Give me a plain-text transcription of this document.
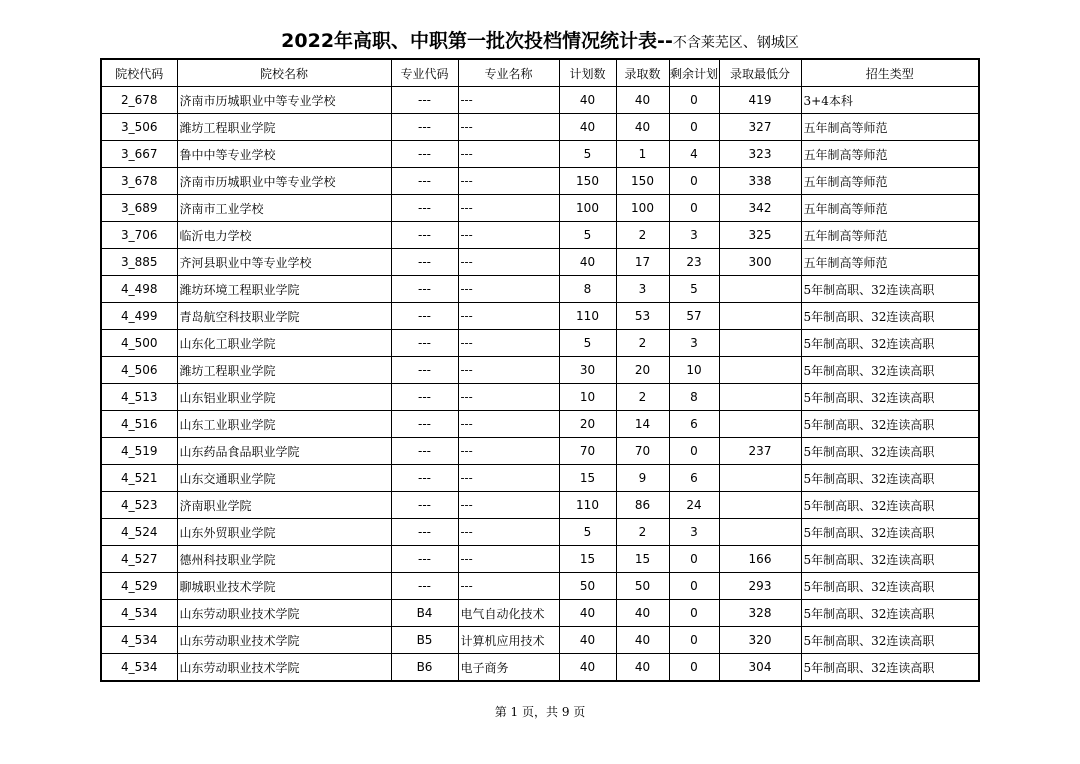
2022年高职、中职第一批次投档情况统计表--不含莱芜区、钢城区
院校代码	院校名称	专业代码	专业名称	计划数	录取数	剩余计划	录取最低分	招生类型
2_678	济南市历城职业中等专业学校	---	---	40	40	0	419	3+4本科
3_506	潍坊工程职业学院	---	---	40	40	0	327	五年制高等师范
3_667	鲁中中等专业学校	---	---	5	1	4	323	五年制高等师范
3_678	济南市历城职业中等专业学校	---	---	150	150	0	338	五年制高等师范
3_689	济南市工业学校	---	---	100	100	0	342	五年制高等师范
3_706	临沂电力学校	---	---	5	2	3	325	五年制高等师范
3_885	齐河县职业中等专业学校	---	---	40	17	23	300	五年制高等师范
4_498	潍坊环境工程职业学院	---	---	8	3	5		5年制高职、32连读高职
4_499	青岛航空科技职业学院	---	---	110	53	57		5年制高职、32连读高职
4_500	山东化工职业学院	---	---	5	2	3		5年制高职、32连读高职
4_506	潍坊工程职业学院	---	---	30	20	10		5年制高职、32连读高职
4_513	山东铝业职业学院	---	---	10	2	8		5年制高职、32连读高职
4_516	山东工业职业学院	---	---	20	14	6		5年制高职、32连读高职
4_519	山东药品食品职业学院	---	---	70	70	0	237	5年制高职、32连读高职
4_521	山东交通职业学院	---	---	15	9	6		5年制高职、32连读高职
4_523	济南职业学院	---	---	110	86	24		5年制高职、32连读高职
4_524	山东外贸职业学院	---	---	5	2	3		5年制高职、32连读高职
4_527	德州科技职业学院	---	---	15	15	0	166	5年制高职、32连读高职
4_529	聊城职业技术学院	---	---	50	50	0	293	5年制高职、32连读高职
4_534	山东劳动职业技术学院	B4	电气自动化技术	40	40	0	328	5年制高职、32连读高职
4_534	山东劳动职业技术学院	B5	计算机应用技术	40	40	0	320	5年制高职、32连读高职
4_534	山东劳动职业技术学院	B6	电子商务	40	40	0	304	5年制高职、32连读高职
第 1 页，共 9 页
